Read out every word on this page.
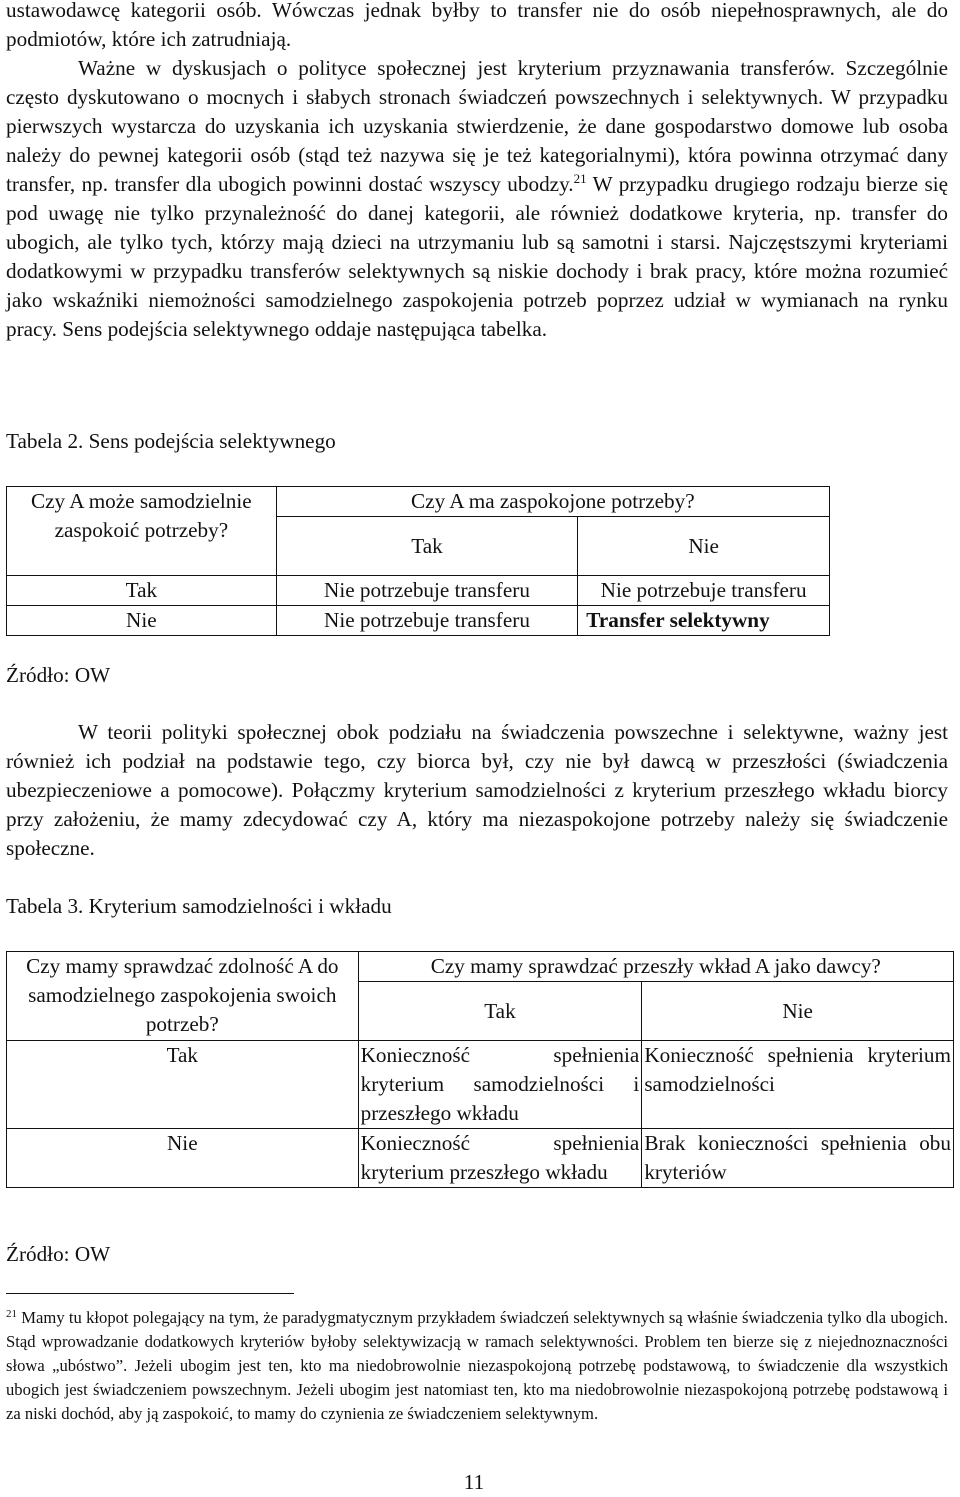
ustawodawcę kategorii osób. Wówczas jednak byłby to transfer nie do osób niepełnosprawnych, ale do podmiotów, które ich zatrudniają.

Ważne w dyskusjach o polityce społecznej jest kryterium przyznawania transferów. Szczególnie często dyskutowano o mocnych i słabych stronach świadczeń powszechnych i selektywnych. W przypadku pierwszych wystarcza do uzyskania ich uzyskania stwierdzenie, że dane gospodarstwo domowe lub osoba należy do pewnej kategorii osób (stąd też nazywa się je też kategorialnymi), która powinna otrzymać dany transfer, np. transfer dla ubogich powinni dostać wszyscy ubodzy.$^{21}$ W przypadku drugiego rodzaju bierze się pod uwagę nie tylko przynależność do danej kategorii, ale również dodatkowe kryteria, np. transfer do ubogich, ale tylko tych, którzy mają dzieci na utrzymaniu lub są samotni i starsi. Najczęstszymi kryteriami dodatkowymi w przypadku transferów selektywnych są niskie dochody i brak pracy, które można rozumieć jako wskaźniki niemożności samodzielnego zaspokojenia potrzeb poprzez udział w wymianach na rynku pracy. Sens podejścia selektywnego oddaje następująca tabelka.

Tabela 2. Sens podejścia selektywnego

Czy A może samodzielnie zaspokoić potrzeby?	Czy A ma zaspokojone potrzeby?	
	Tak	Nie
Tak	Nie potrzebuje transferu	Nie potrzebuje transferu
Nie	Nie potrzebuje transferu	Transfer selektywny

Źródło: OW

W teorii polityki społecznej obok podziału na świadczenia powszechne i selektywne, ważny jest również ich podział na podstawie tego, czy biorca był, czy nie był dawcą w przeszłości (świadczenia ubezpieczeniowe a pomocowe). Połączmy kryterium samodzielności z kryterium przeszłego wkładu biorcy przy założeniu, że mamy zdecydować czy A, który ma niezaspokojone potrzeby należy się świadczenie społeczne.

Tabela 3. Kryterium samodzielności i wkładu

Czy mamy sprawdzać zdolność A do samodzielnego zaspokojenia swoich potrzeb?	Czy mamy sprawdzać przeszły wkład A jako dawcy?	
	Tak	Nie
Tak	Konieczność spełnienia kryterium samodzielności i przeszłego wkładu	Konieczność spełnienia kryterium samodzielności
Nie	Konieczność spełnienia kryterium przeszłego wkładu	Brak konieczności spełnienia obu kryteriów

Źródło: OW

$^{21}$ Mamy tu kłopot polegający na tym, że paradygmatycznym przykładem świadczeń selektywnych są właśnie świadczenia tylko dla ubogich. Stąd wprowadzanie dodatkowych kryteriów byłoby selektywizacją w ramach selektywności. Problem ten bierze się z niejednoznaczności słowa „ubóstwo”. Jeżeli ubogim jest ten, kto ma niedobrowolnie niezaspokojoną potrzebę podstawową, to świadczenie dla wszystkich ubogich jest świadczeniem powszechnym. Jeżeli ubogim jest natomiast ten, kto ma niedobrowolnie niezaspokojoną potrzebę podstawową i za niski dochód, aby ją zaspokoić, to mamy do czynienia ze świadczeniem selektywnym.

11
